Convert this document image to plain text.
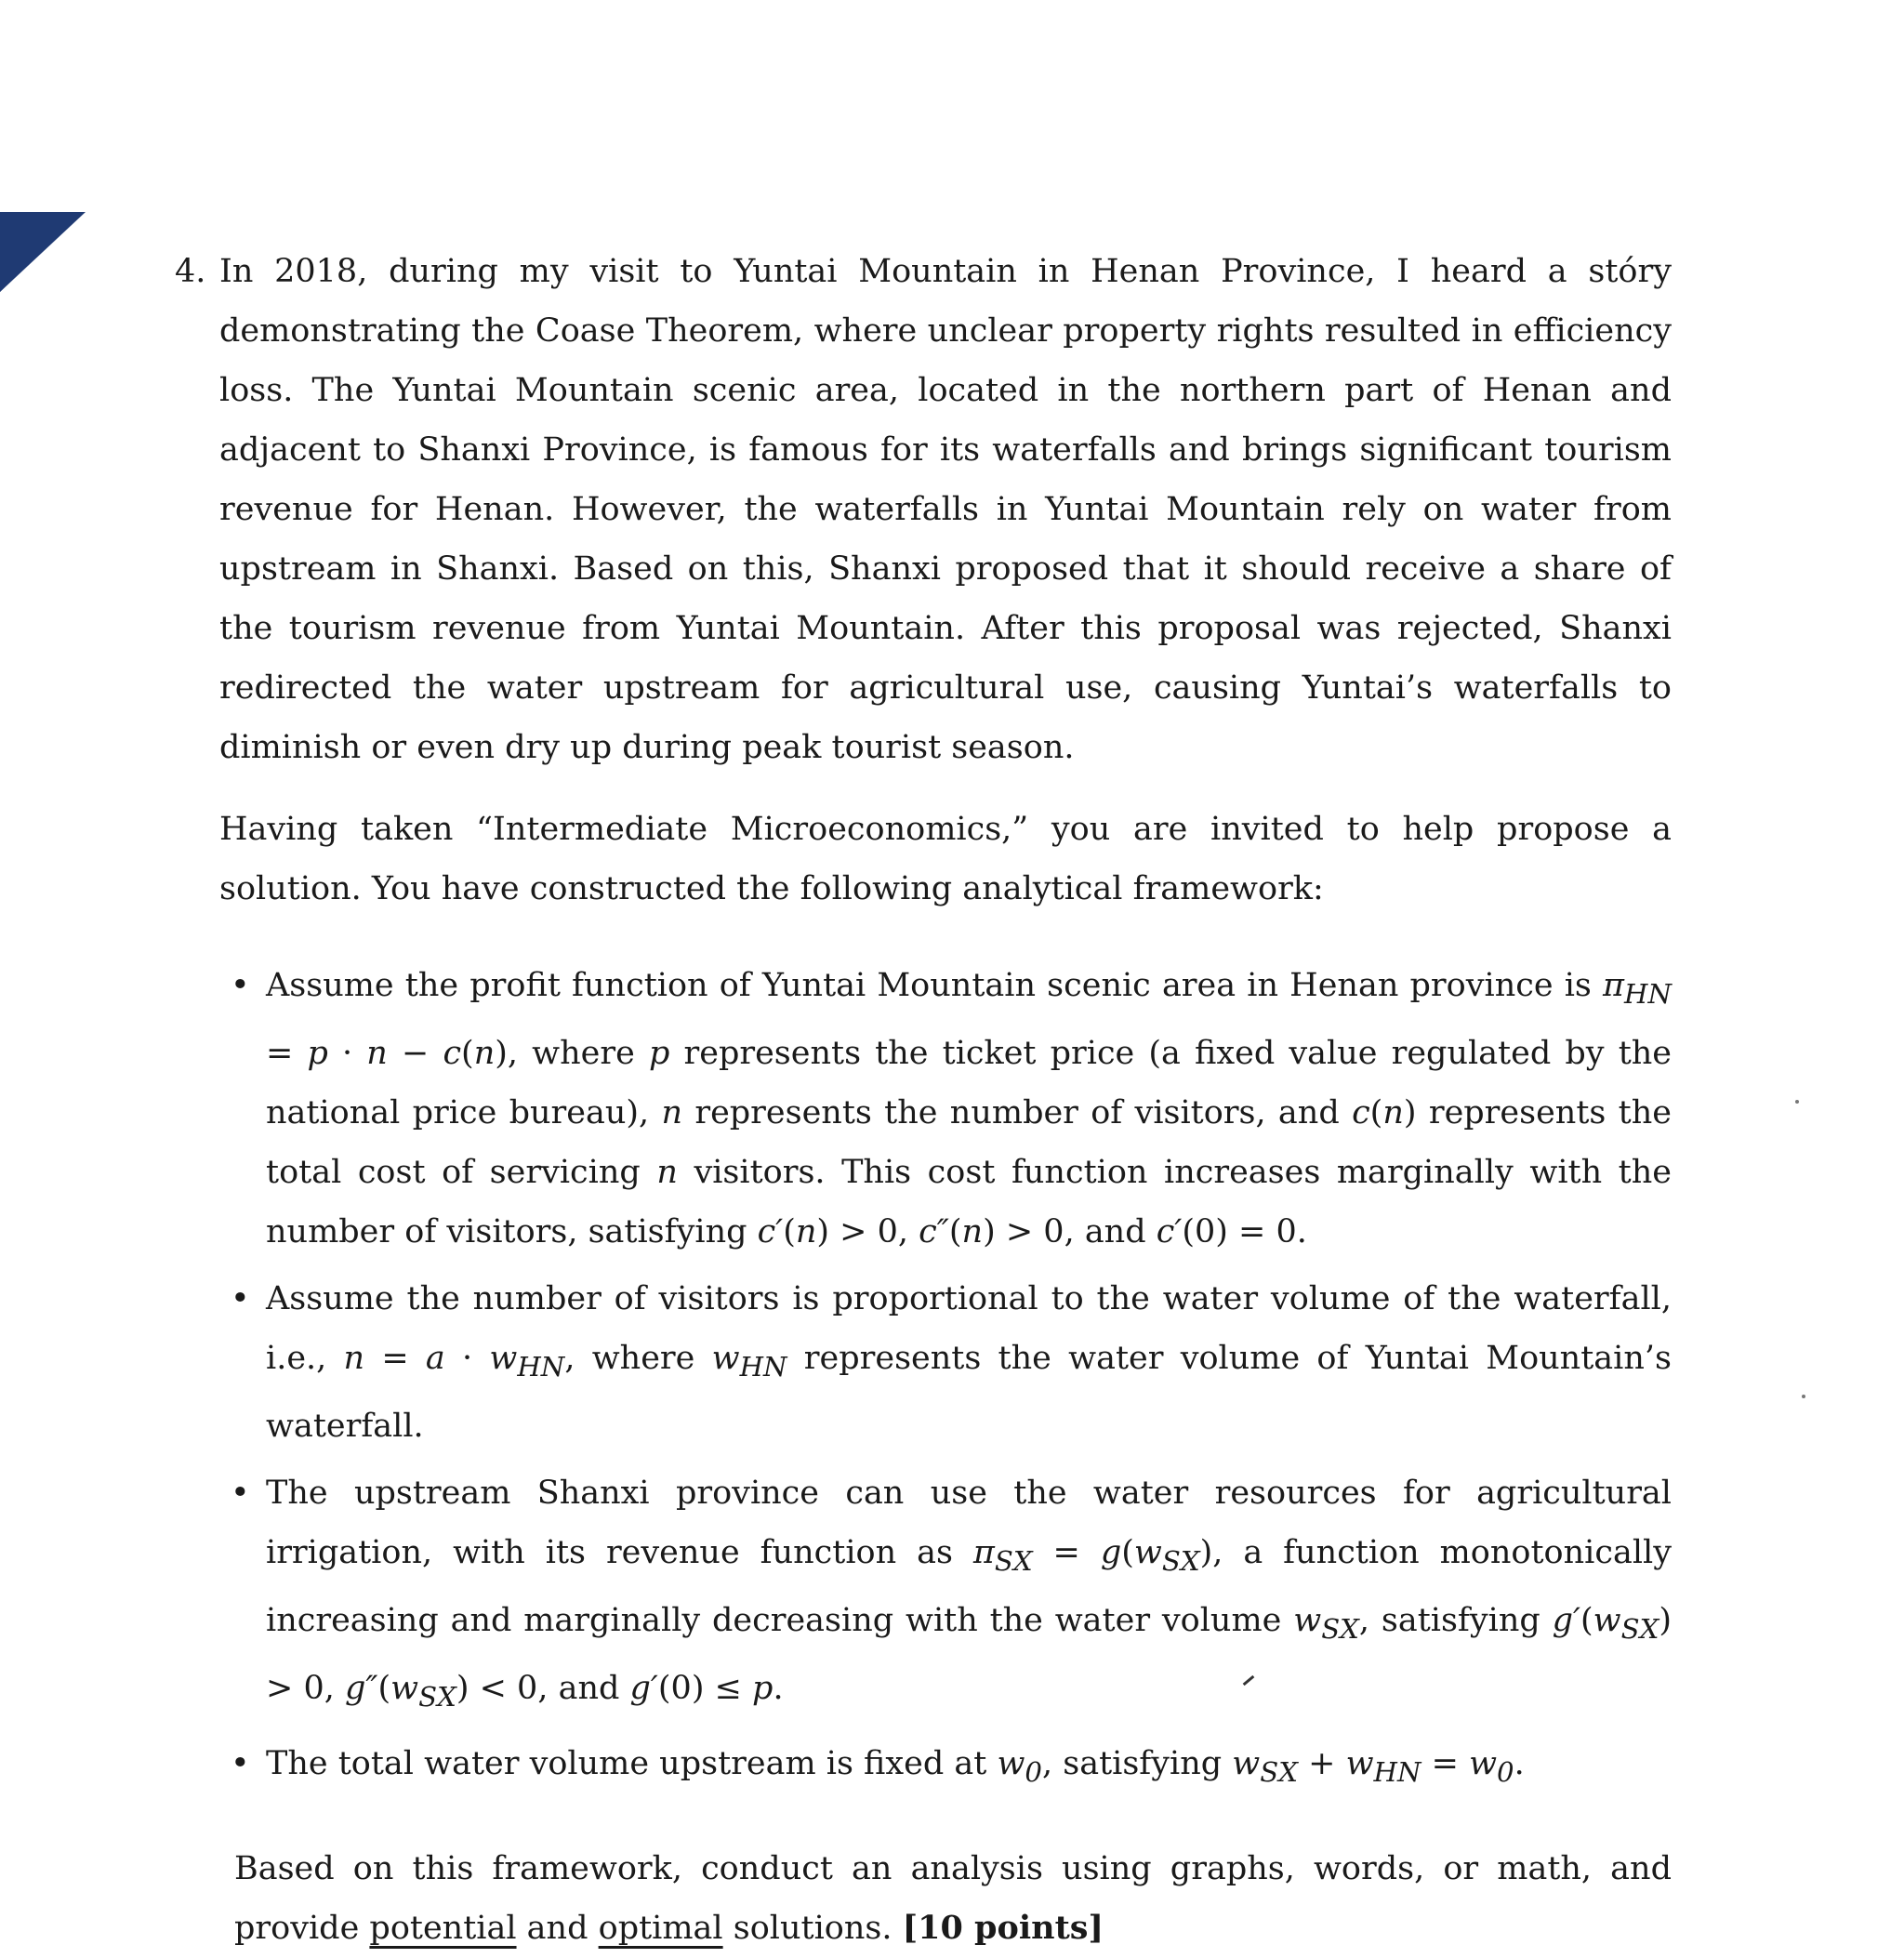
4. In 2018, during my visit to Yuntai Mountain in Henan Province, I heard a stóry demonstrating the Coase Theorem, where unclear property rights resulted in efficiency loss. The Yuntai Mountain scenic area, located in the northern part of Henan and adjacent to Shanxi Province, is famous for its waterfalls and brings significant tourism revenue for Henan. However, the waterfalls in Yuntai Mountain rely on water from upstream in Shanxi. Based on this, Shanxi proposed that it should receive a share of the tourism revenue from Yuntai Mountain. After this proposal was rejected, Shanxi redirected the water upstream for agricultural use, causing Yuntai’s waterfalls to diminish or even dry up during peak tourist season.

Having taken “Intermediate Microeconomics,” you are invited to help propose a solution. You have constructed the following analytical framework:

• Assume the profit function of Yuntai Mountain scenic area in Henan province is $\pi_{HN} = p \cdot n - c(n)$, where p represents the ticket price (a fixed value regulated by the national price bureau), n represents the number of visitors, and c(n) represents the total cost of servicing n visitors. This cost function increases marginally with the number of visitors, satisfying c′(n) > 0, c″(n) > 0, and c′(0) = 0.
• Assume the number of visitors is proportional to the water volume of the waterfall, i.e., $n = a \cdot w_{HN}$, where $w_{HN}$ represents the water volume of Yuntai Mountain’s waterfall.
• The upstream Shanxi province can use the water resources for agricultural irrigation, with its revenue function as $\pi_{SX} = g(w_{SX})$, a function monotonically increasing and marginally decreasing with the water volume $w_{SX}$, satisfying $g'(w_{SX}) > 0$, $g''(w_{SX}) < 0$, and g′(0) ≤ p.
• The total water volume upstream is fixed at $w_0$, satisfying $w_{SX} + w_{HN} = w_0$.

Based on this framework, conduct an analysis using graphs, words, or math, and provide potential and optimal solutions. [10 points]
